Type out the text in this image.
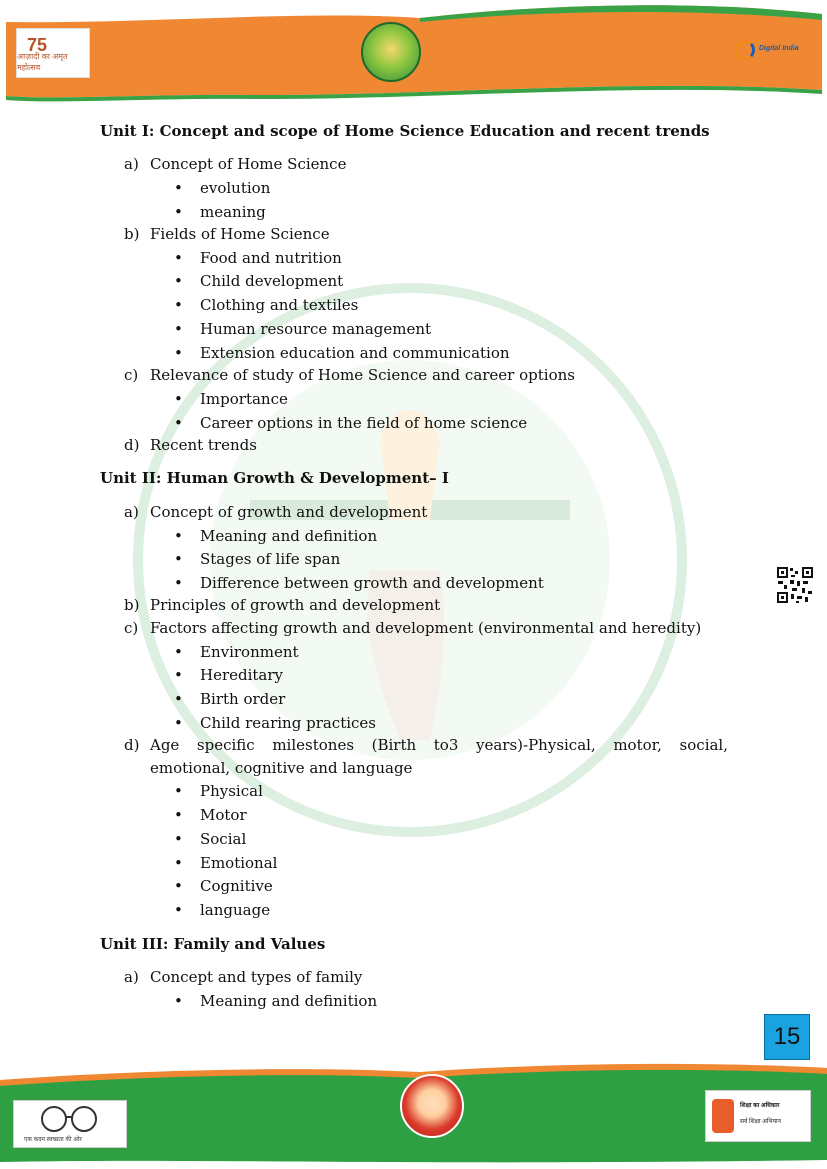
75
आज़ादी का अमृत महोत्सव
Digital India
Unit I: Concept and scope of Home Science Education and recent trends
a) Concept of Home Science
• evolution
• meaning
b) Fields of Home Science
• Food and nutrition
• Child development
• Clothing and textiles
• Human resource management
• Extension education and communication
c) Relevance of study of Home Science and career options
• Importance
• Career options in the field of home science
d) Recent trends
Unit II: Human Growth & Development– I
a) Concept of growth and development
• Meaning and definition
• Stages of life span
• Difference between growth and development
b) Principles of growth and development
c) Factors affecting growth and development (environmental and heredity)
• Environment
• Hereditary
• Birth order
• Child rearing practices
d) Age specific milestones (Birth to3 years)-Physical, motor, social,
emotional, cognitive and language
• Physical
• Motor
• Social
• Emotional
• Cognitive
• language
Unit III: Family and Values
a) Concept and types of family
• Meaning and definition
15
एक कदम स्वच्छता की ओर
शिक्षा का अधिकार
सर्व शिक्षा अभियान
